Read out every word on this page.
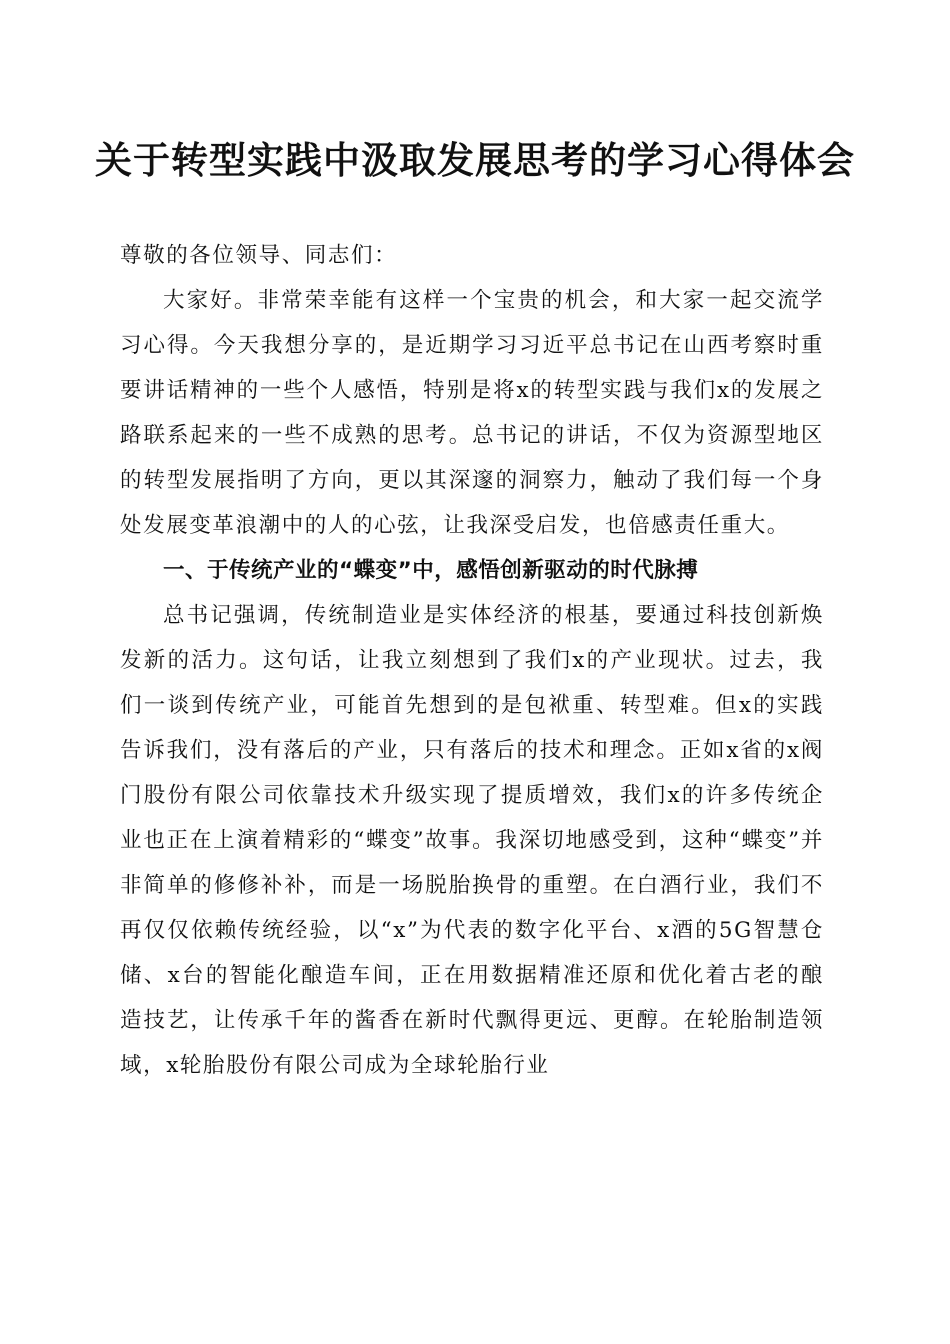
关于转型实践中汲取发展思考的学习心得体会

尊敬的各位领导、同志们：

大家好。非常荣幸能有这样一个宝贵的机会，和大家一起交流学习心得。今天我想分享的，是近期学习习近平总书记在山西考察时重要讲话精神的一些个人感悟，特别是将x的转型实践与我们x的发展之路联系起来的一些不成熟的思考。总书记的讲话，不仅为资源型地区的转型发展指明了方向，更以其深邃的洞察力，触动了我们每一个身处发展变革浪潮中的人的心弦，让我深受启发，也倍感责任重大。

一、于传统产业的“蝶变”中，感悟创新驱动的时代脉搏

总书记强调，传统制造业是实体经济的根基，要通过科技创新焕发新的活力。这句话，让我立刻想到了我们x的产业现状。过去，我们一谈到传统产业，可能首先想到的是包袱重、转型难。但x的实践告诉我们，没有落后的产业，只有落后的技术和理念。正如x省的x阀门股份有限公司依靠技术升级实现了提质增效，我们x的许多传统企业也正在上演着精彩的“蝶变”故事。我深切地感受到，这种“蝶变”并非简单的修修补补，而是一场脱胎换骨的重塑。在白酒行业，我们不再仅仅依赖传统经验，以“x”为代表的数字化平台、x酒的5G智慧仓储、x台的智能化酿造车间，正在用数据精准还原和优化着古老的酿造技艺，让传承千年的酱香在新时代飘得更远、更醇。在轮胎制造领域，x轮胎股份有限公司成为全球轮胎行业
